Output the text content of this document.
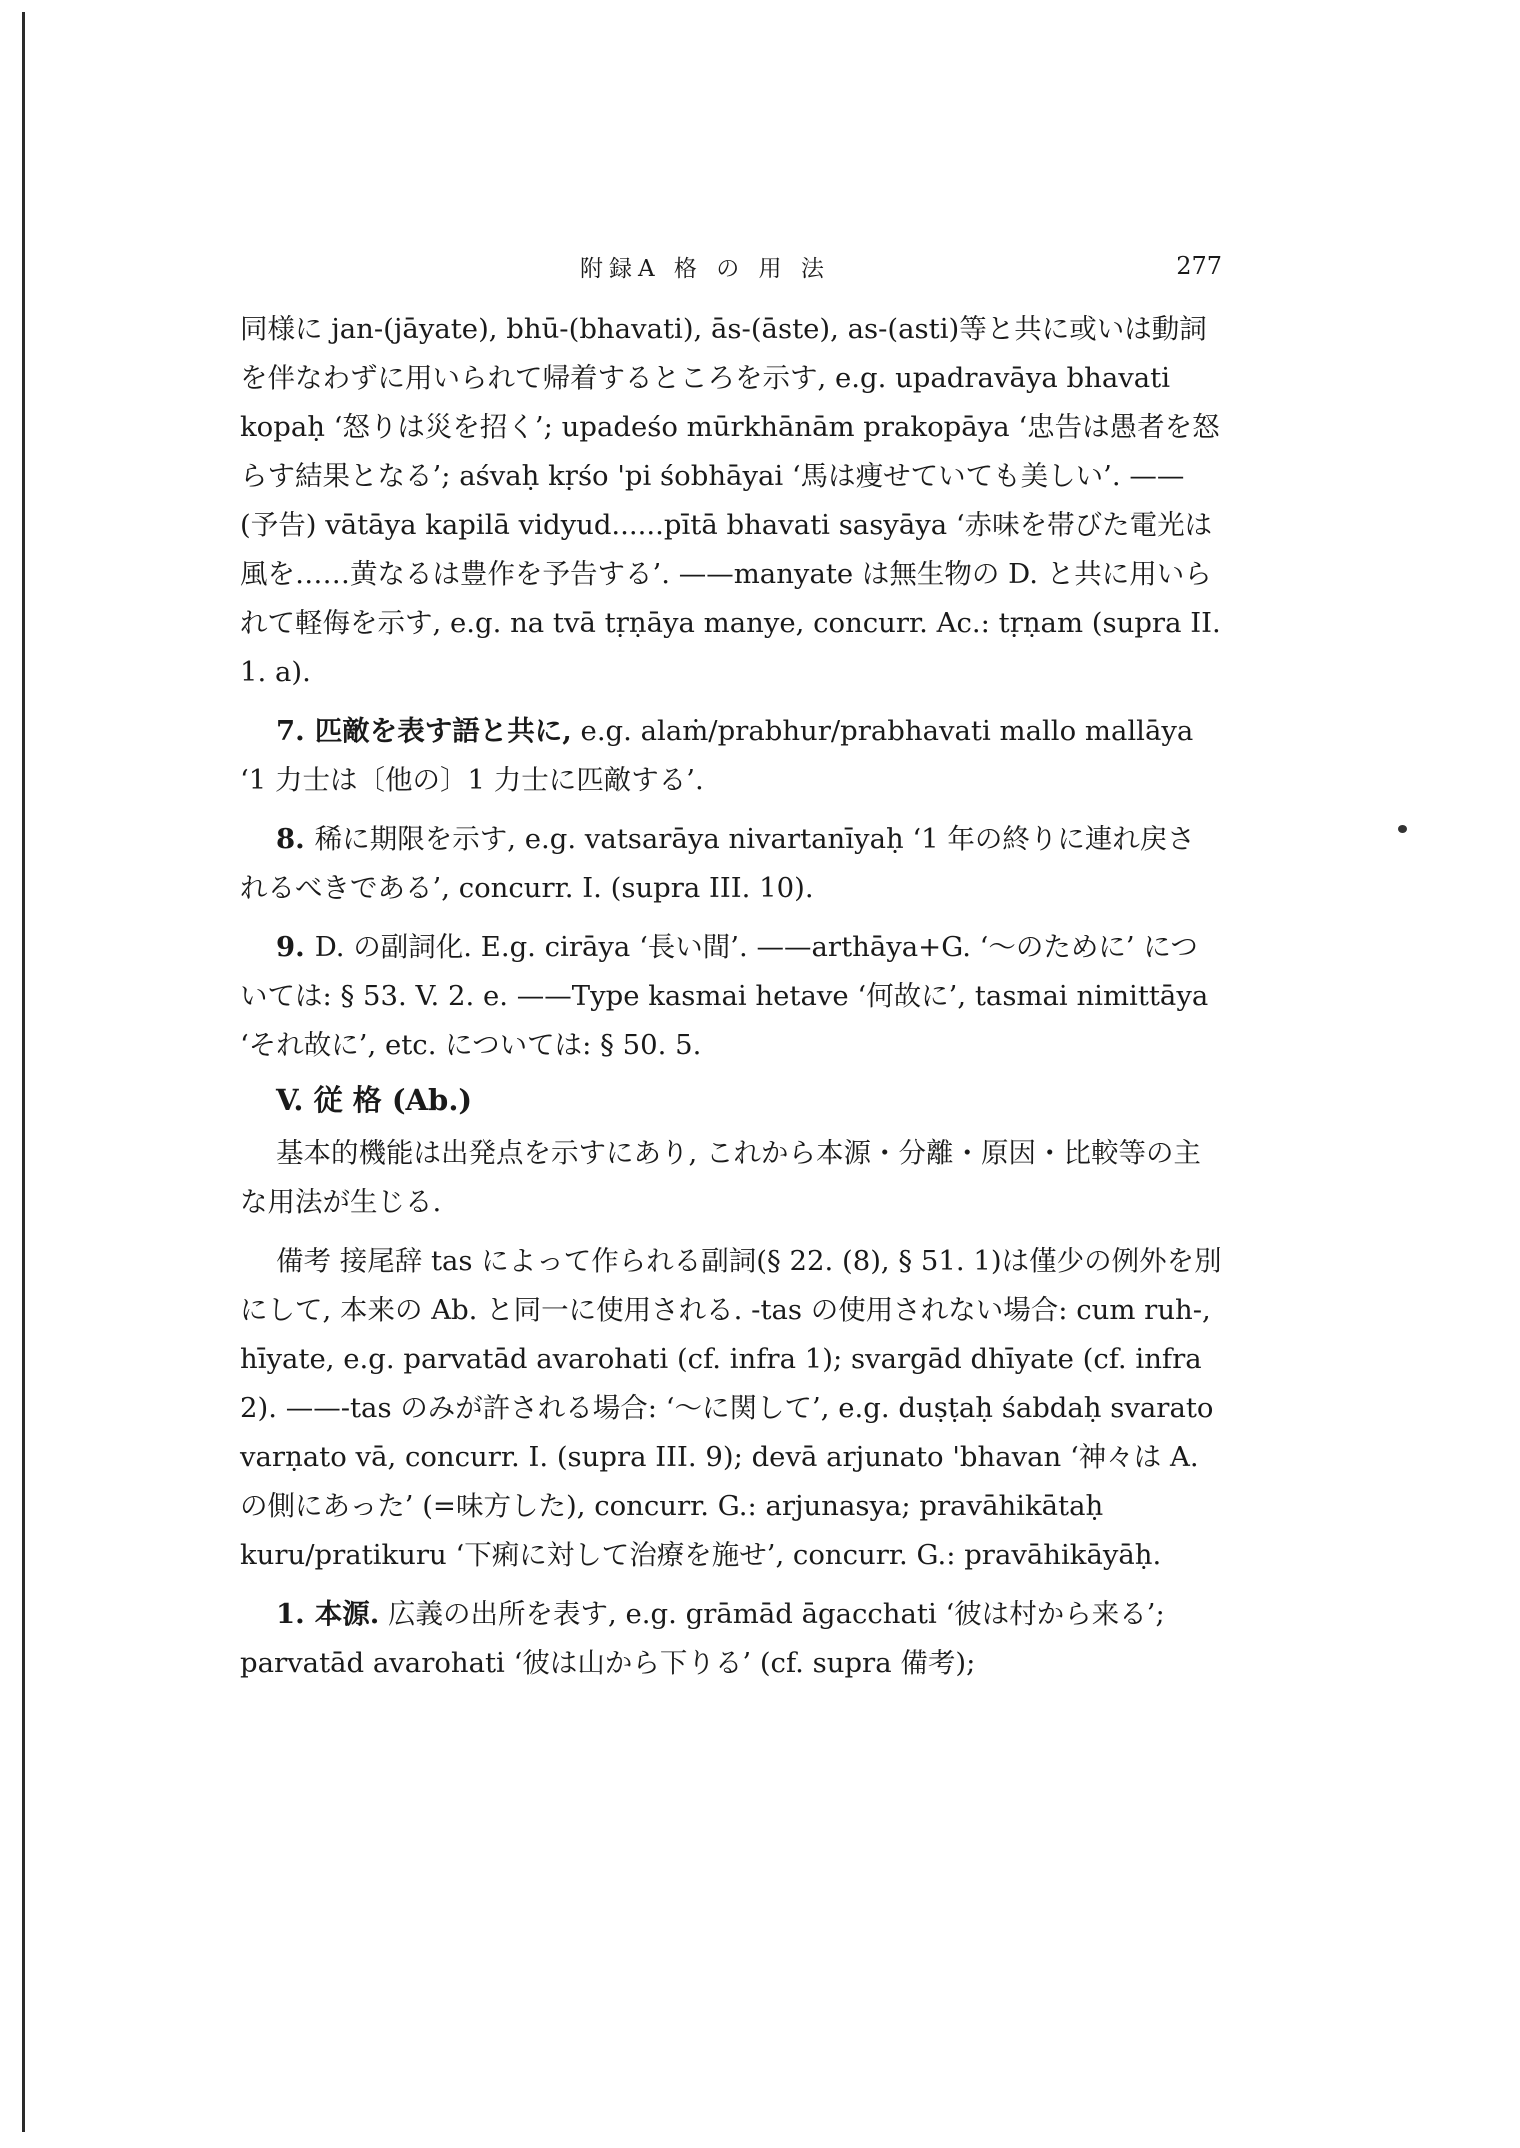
附録A 格 の 用 法	277

同様に jan-(jāyate), bhū-(bhavati), ās-(āste), as-(asti)等と共に或いは動詞を伴なわずに用いられて帰着するところを示す, e.g. upadravāya bhavati kopaḥ ‘怒りは災を招く’; upadeśo mūrkhānām prakopāya ‘忠告は愚者を怒らす結果となる’; aśvaḥ kṛśo 'pi śobhāyai ‘馬は痩せていても美しい’. ——(予告) vātāya kapilā vidyud......pītā bhavati sasyāya ‘赤味を帯びた電光は風を……黄なるは豊作を予告する’. ——manyate は無生物の D. と共に用いられて軽侮を示す, e.g. na tvā tṛṇāya manye, concurr. Ac.: tṛṇam (supra II. 1. a).

7. 匹敵を表す語と共に, e.g. alaṁ/prabhur/prabhavati mallo mallāya ‘1 力士は〔他の〕1 力士に匹敵する’.

8. 稀に期限を示す, e.g. vatsarāya nivartanīyaḥ ‘1 年の終りに連れ戻されるべきである’, concurr. I. (supra III. 10).

9. D. の副詞化. E.g. cirāya ‘長い間’. ——arthāya+G. ‘〜のために’ については: § 53. V. 2. e. ——Type kasmai hetave ‘何故に’, tasmai nimittāya ‘それ故に’, etc. については: § 50. 5.

V. 従 格 (Ab.)

基本的機能は出発点を示すにあり, これから本源・分離・原因・比較等の主な用法が生じる.

備考 接尾辞 tas によって作られる副詞(§ 22. (8), § 51. 1)は僅少の例外を別にして, 本来の Ab. と同一に使用される. -tas の使用されない場合: cum ruh-, hīyate, e.g. parvatād avarohati (cf. infra 1); svargād dhīyate (cf. infra 2). ——-tas のみが許される場合: ‘〜に関して’, e.g. duṣṭaḥ śabdaḥ svarato varṇato vā, concurr. I. (supra III. 9); devā arjunato 'bhavan ‘神々は A. の側にあった’ (=味方した), concurr. G.: arjunasya; pravāhikātaḥ kuru/pratikuru ‘下痢に対して治療を施せ’, concurr. G.: pravāhikāyāḥ.

1. 本源. 広義の出所を表す, e.g. grāmād āgacchati ‘彼は村から来る’; parvatād avarohati ‘彼は山から下りる’ (cf. supra 備考);
